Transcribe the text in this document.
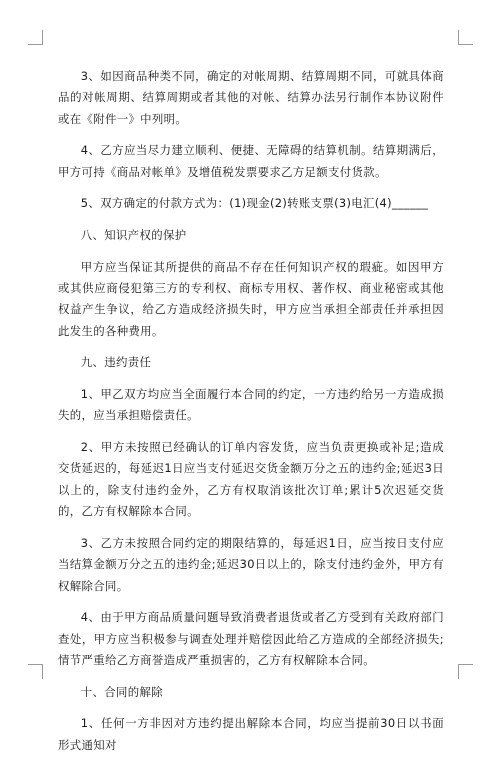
3、如因商品种类不同，确定的对帐周期、结算周期不同，可就具体商品的对帐周期、结算周期或者其他的对帐、结算办法另行制作本协议附件或在《附件一》中列明。

4、乙方应当尽力建立顺利、便捷、无障碍的结算机制。结算期满后，甲方可持《商品对帐单》及增值税发票要求乙方足额支付货款。

5、双方确定的付款方式为：(1)现金(2)转账支票(3)电汇(4)______

八、知识产权的保护

甲方应当保证其所提供的商品不存在任何知识产权的瑕疵。如因甲方或其供应商侵犯第三方的专利权、商标专用权、著作权、商业秘密或其他权益产生争议，给乙方造成经济损失时，甲方应当承担全部责任并承担因此发生的各种费用。

九、违约责任

1、甲乙双方均应当全面履行本合同的约定，一方违约给另一方造成损失的，应当承担赔偿责任。

2、甲方未按照已经确认的订单内容发货，应当负责更换或补足;造成交货延迟的，每延迟1日应当支付延迟交货金额万分之五的违约金;延迟3日以上的，除支付违约金外，乙方有权取消该批次订单;累计5次迟延交货的，乙方有权解除本合同。

3、乙方未按照合同约定的期限结算的，每延迟1日，应当按日支付应当结算金额万分之五的违约金;延迟30日以上的，除支付违约金外，甲方有权解除合同。

4、由于甲方商品质量问题导致消费者退货或者乙方受到有关政府部门查处，甲方应当积极参与调查处理并赔偿因此给乙方造成的全部经济损失;情节严重给乙方商誉造成严重损害的，乙方有权解除本合同。

十、合同的解除

1、任何一方非因对方违约提出解除本合同，均应当提前30日以书面形式通知对
